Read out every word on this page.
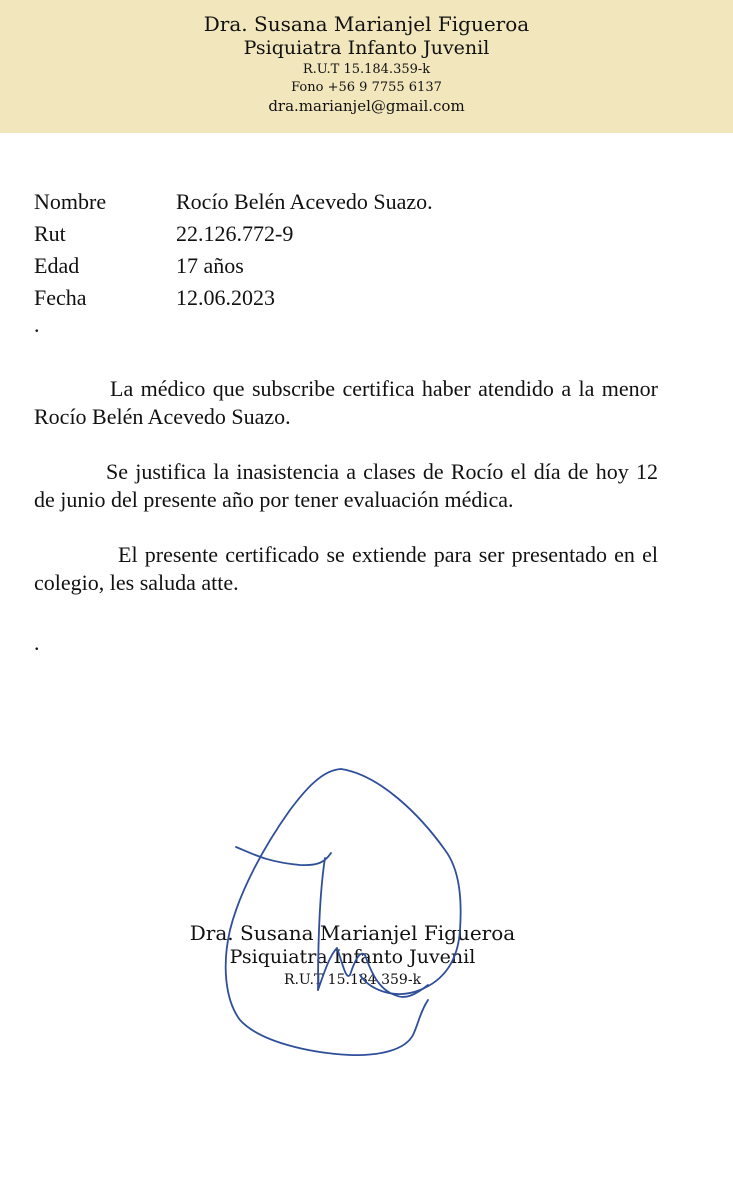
Dra. Susana Marianjel Figueroa
Psiquiatra Infanto Juvenil
R.U.T 15.184.359-k
Fono +56 9 7755 6137
dra.marianjel@gmail.com
Nombre	Rocío Belén Acevedo Suazo.
Rut	22.126.772-9
Edad	17 años
Fecha	12.06.2023
.

La médico que subscribe certifica haber atendido a la menor Rocío Belén Acevedo Suazo.

Se justifica la inasistencia a clases de Rocío el día de hoy 12 de junio del presente año por tener evaluación médica.

El presente certificado se extiende para ser presentado en el colegio, les saluda atte.

.
Dra. Susana Marianjel Figueroa
Psiquiatra Infanto Juvenil
R.U.T 15.184.359-k
